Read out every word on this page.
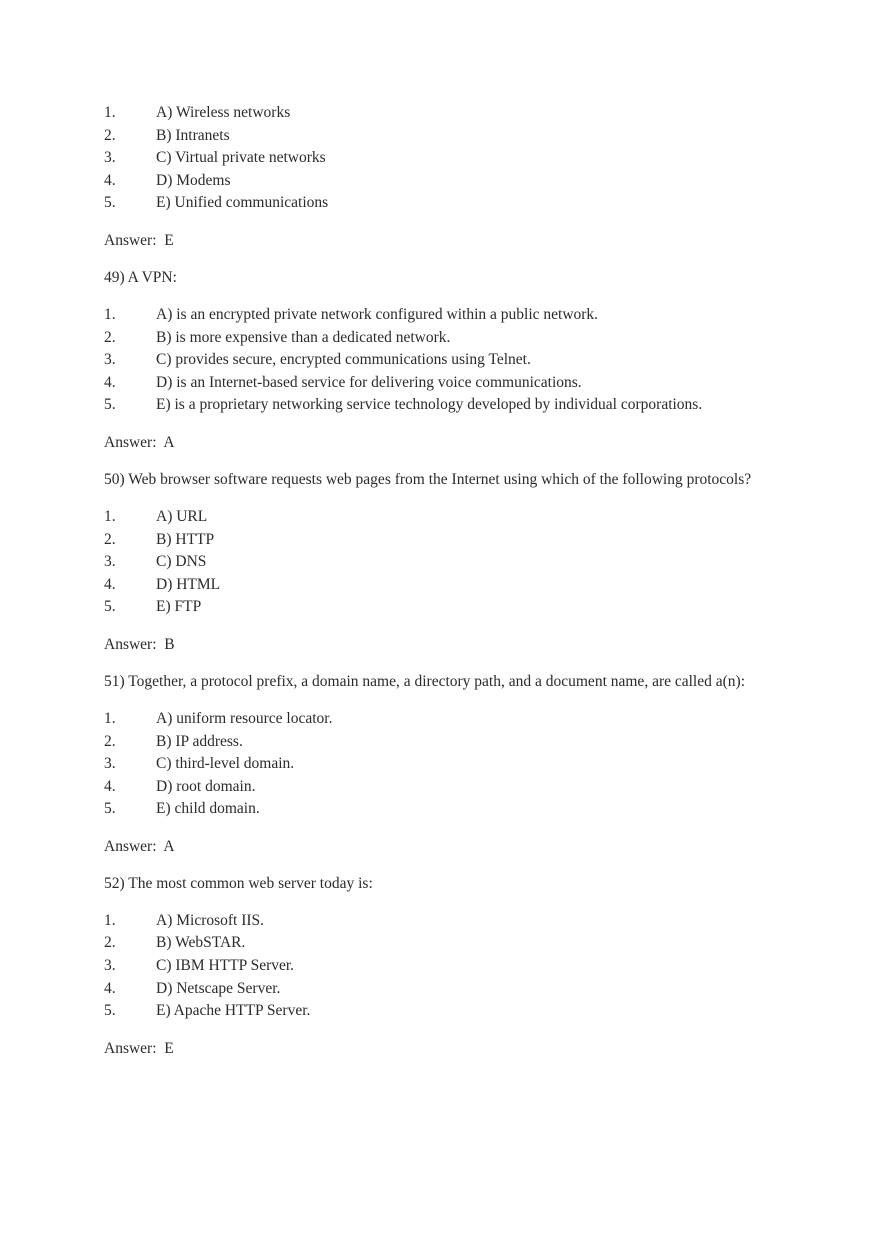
1.	A) Wireless networks
2.	B) Intranets
3.	C) Virtual private networks
4.	D) Modems
5.	E) Unified communications
Answer:  E
49) A VPN:
1.	A) is an encrypted private network configured within a public network.
2.	B) is more expensive than a dedicated network.
3.	C) provides secure, encrypted communications using Telnet.
4.	D) is an Internet-based service for delivering voice communications.
5.	E) is a proprietary networking service technology developed by individual corporations.
Answer:  A
50) Web browser software requests web pages from the Internet using which of the following protocols?
1.	A) URL
2.	B) HTTP
3.	C) DNS
4.	D) HTML
5.	E) FTP
Answer:  B
51) Together, a protocol prefix, a domain name, a directory path, and a document name, are called a(n):
1.	A) uniform resource locator.
2.	B) IP address.
3.	C) third-level domain.
4.	D) root domain.
5.	E) child domain.
Answer:  A
52) The most common web server today is:
1.	A) Microsoft IIS.
2.	B) WebSTAR.
3.	C) IBM HTTP Server.
4.	D) Netscape Server.
5.	E) Apache HTTP Server.
Answer:  E
